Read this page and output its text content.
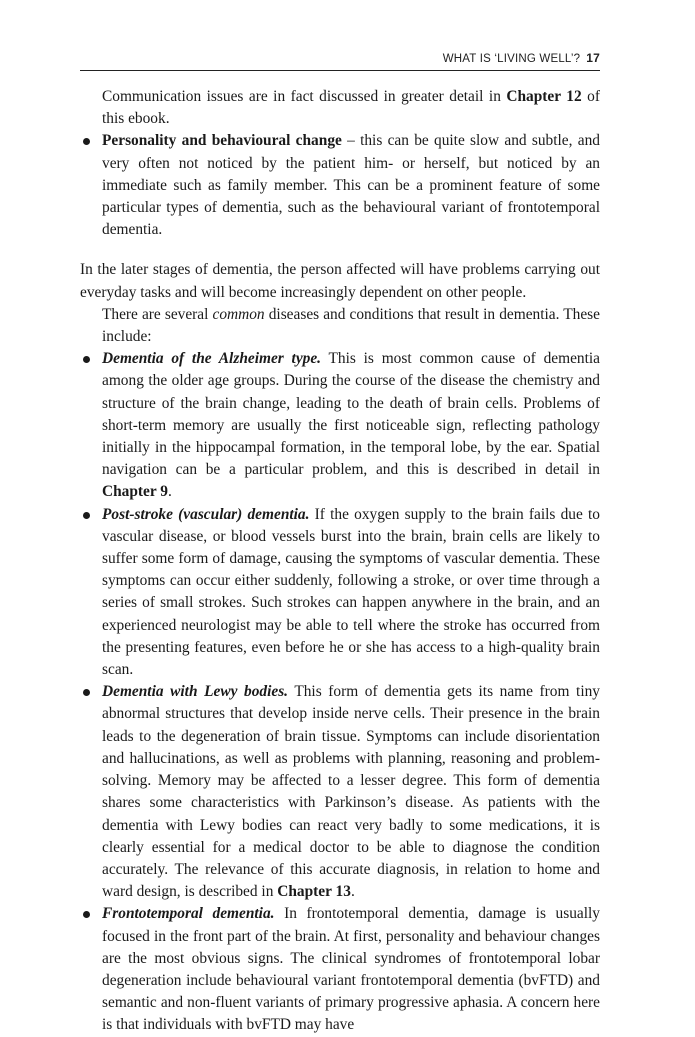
WHAT IS ‘LIVING WELL’? 17

Communication issues are in fact discussed in greater detail in Chapter 12 of this ebook.

Personality and behavioural change – this can be quite slow and subtle, and very often not noticed by the patient him- or herself, but noticed by an immediate such as family member. This can be a prominent feature of some particular types of dementia, such as the behavioural variant of frontotemporal dementia.

In the later stages of dementia, the person affected will have problems carrying out everyday tasks and will become increasingly dependent on other people.

There are several common diseases and conditions that result in dementia. These include:

Dementia of the Alzheimer type. This is most common cause of dementia among the older age groups. During the course of the disease the chemistry and structure of the brain change, leading to the death of brain cells. Problems of short-term memory are usually the first noticeable sign, reflecting pathology initially in the hippocampal formation, in the temporal lobe, by the ear. Spatial navigation can be a particular problem, and this is described in detail in Chapter 9.
Post-stroke (vascular) dementia. If the oxygen supply to the brain fails due to vascular disease, or blood vessels burst into the brain, brain cells are likely to suffer some form of damage, causing the symptoms of vascular dementia. These symptoms can occur either suddenly, following a stroke, or over time through a series of small strokes. Such strokes can happen anywhere in the brain, and an experienced neurologist may be able to tell where the stroke has occurred from the presenting features, even before he or she has access to a high-quality brain scan.
Dementia with Lewy bodies. This form of dementia gets its name from tiny abnormal structures that develop inside nerve cells. Their presence in the brain leads to the degeneration of brain tissue. Symptoms can include disorientation and hallucinations, as well as problems with planning, reasoning and problem-solving. Memory may be affected to a lesser degree. This form of dementia shares some characteristics with Parkinson’s disease. As patients with the dementia with Lewy bodies can react very badly to some medications, it is clearly essential for a medical doctor to be able to diagnose the condition accurately. The relevance of this accurate diagnosis, in relation to home and ward design, is described in Chapter 13.
Frontotemporal dementia. In frontotemporal dementia, damage is usually focused in the front part of the brain. At first, personality and behaviour changes are the most obvious signs. The clinical syndromes of frontotemporal lobar degeneration include behavioural variant frontotemporal dementia (bvFTD) and semantic and non-fluent variants of primary progressive aphasia. A concern here is that individuals with bvFTD may have
